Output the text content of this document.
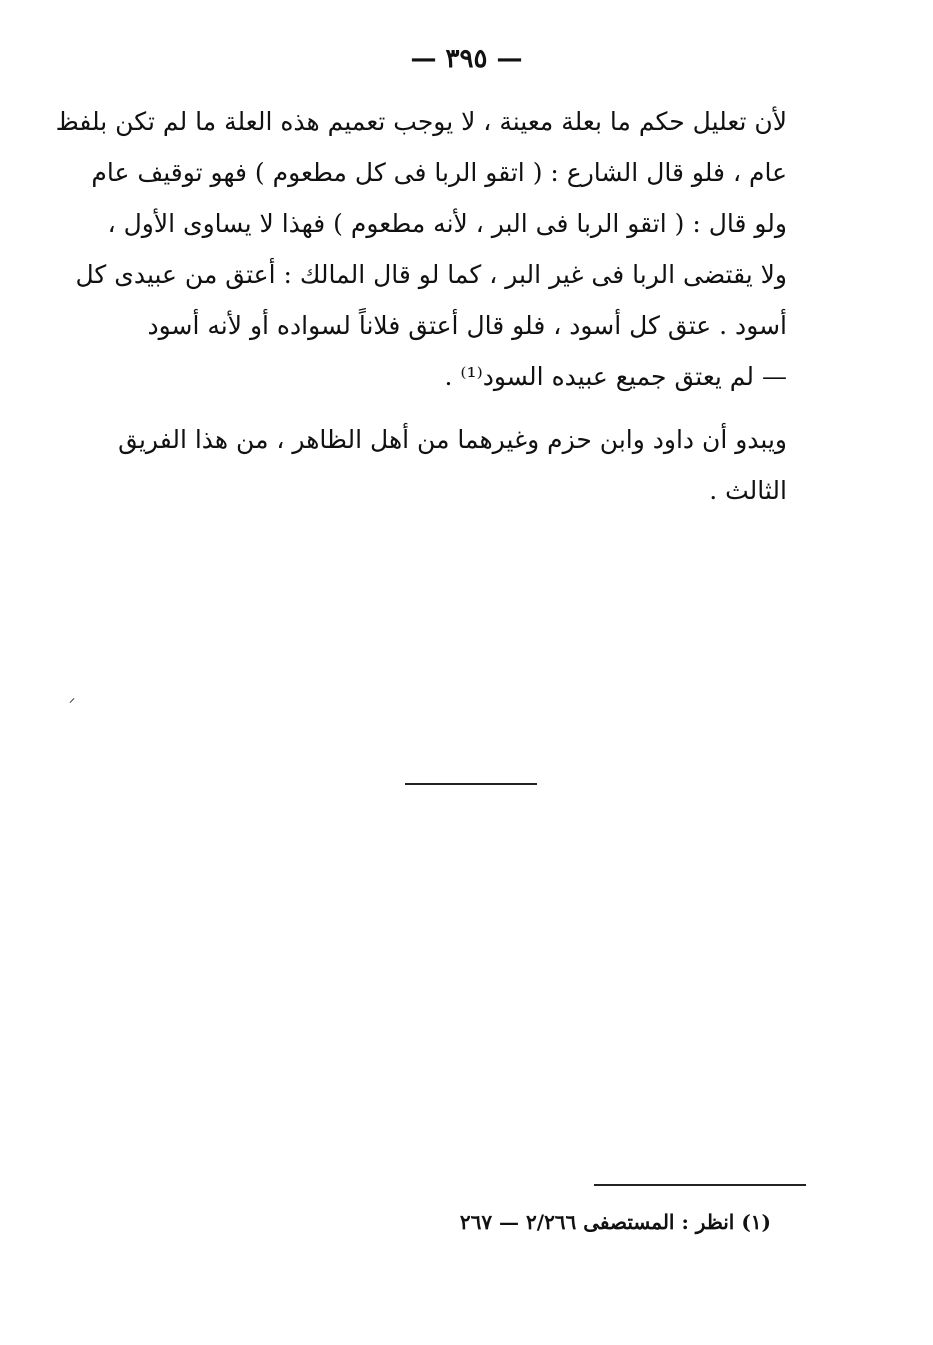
— ٣٩٥ —
لأن تعليل حكم ما بعلة معينة ، لا يوجب تعميم هذه العلة ما لم تكن بلفظ
عام ، فلو قال الشارع : ( اتقو الربا فى كل مطعوم ) فهو توقيف عام
ولو قال : ( اتقو الربا فى البر ، لأنه مطعوم ) فهذا لا يساوى الأول ،
ولا يقتضى الربا فى غير البر ، كما لو قال المالك : أعتق من عبيدى كل
أسود . عتق كل أسود ، فلو قال أعتق فلاناً لسواده أو لأنه أسود
— لم يعتق جميع عبيده السود⁽¹⁾ .
ويبدو أن داود وابن حزم وغيرهما من أهل الظاهر ، من هذا الفريق
الثالث .
(١) انظر : المستصفى ٢/٢٦٦ — ٢٦٧
